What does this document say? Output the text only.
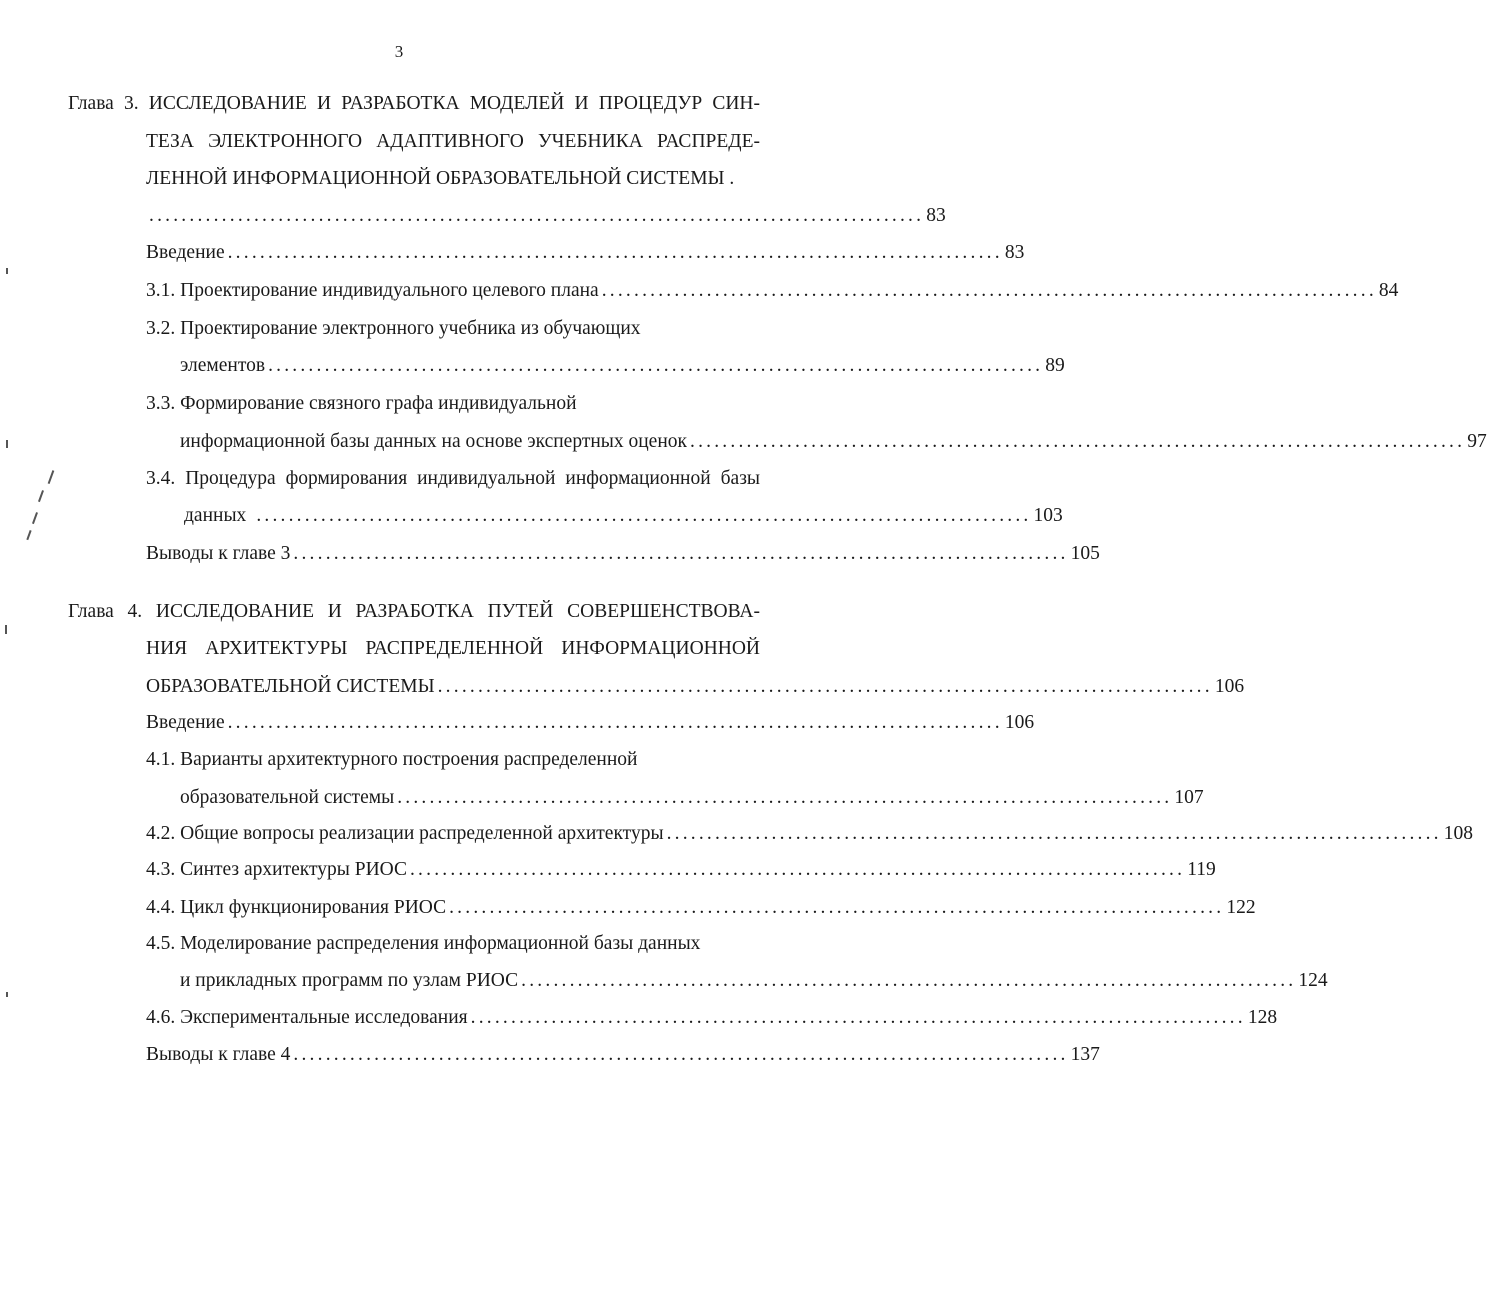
3
Глава 3. ИССЛЕДОВАНИЕ И РАЗРАБОТКА МОДЕЛЕЙ И ПРОЦЕДУР СИН-
ТЕЗА ЭЛЕКТРОННОГО АДАПТИВНОГО УЧЕБНИКА РАСПРЕДЕ-
ЛЕННОЙ ИНФОРМАЦИОННОЙ ОБРАЗОВАТЕЛЬНОЙ СИСТЕМЫ .
................................................................................................ 83
Введение ................................................................................................ 83
3.1. Проектирование индивидуального целевого плана ................................................................................................ 84
3.2. Проектирование электронного учебника из обучающих
элементов ................................................................................................ 89
3.3. Формирование связного графа индивидуальной
информационной базы данных на основе экспертных оценок ................................................................................................ 97
3.4. Процедура формирования индивидуальной информационной базы
данных ................................................................................................ 103
Выводы к главе 3 ................................................................................................ 105
Глава 4. ИССЛЕДОВАНИЕ И РАЗРАБОТКА ПУТЕЙ СОВЕРШЕНСТВОВА-
НИЯ АРХИТЕКТУРЫ РАСПРЕДЕЛЕННОЙ ИНФОРМАЦИОННОЙ
ОБРАЗОВАТЕЛЬНОЙ СИСТЕМЫ ................................................................................................ 106
Введение ................................................................................................ 106
4.1. Варианты архитектурного построения распределенной
образовательной системы ................................................................................................ 107
4.2. Общие вопросы реализации распределенной архитектуры ................................................................................................ 108
4.3. Синтез архитектуры РИОС ................................................................................................ 119
4.4. Цикл функционирования РИОС ................................................................................................ 122
4.5. Моделирование распределения информационной базы данных
и прикладных программ по узлам РИОС ................................................................................................ 124
4.6. Экспериментальные исследования ................................................................................................ 128
Выводы к главе 4 ................................................................................................ 137
